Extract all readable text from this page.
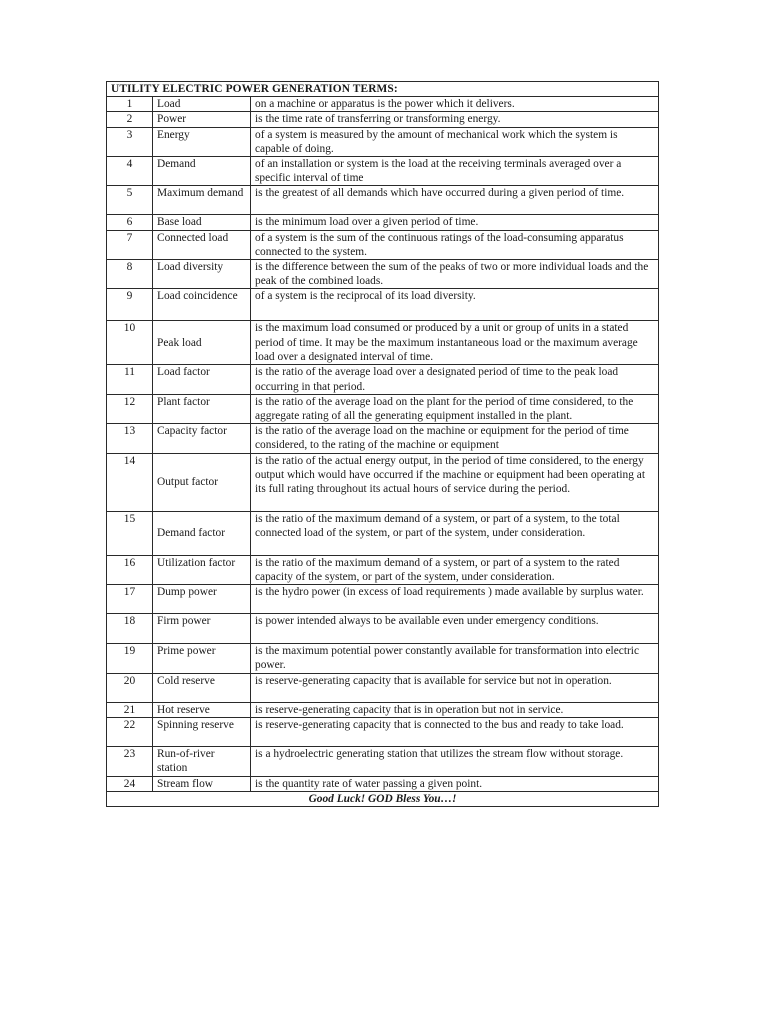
UTILITY ELECTRIC POWER GENERATION TERMS:		
1	Load	on a machine or apparatus is the power which it delivers.
2	Power	is the time rate of transferring or transforming energy.
3	Energy	of a system is measured by the amount of mechanical work which the system is capable of doing.
4	Demand	of an installation or system is the load at the receiving terminals averaged over a specific interval of time
5	Maximum demand	is the greatest of all demands which have occurred during a given period of time.
6	Base load	is the minimum load over a given period of time.
7	Connected load	of a system is the sum of the continuous ratings of the load-consuming apparatus connected to the system.
8	Load diversity	is the difference between the sum of the peaks of two or more individual loads and the peak of the combined loads.
9	Load coincidence	of a system is the reciprocal of its load diversity.
10	Peak load	is the maximum load consumed or produced by a unit or group of units in a stated period of time. It may be the maximum instantaneous load or the maximum average load over a designated interval of time.
11	Load factor	is the ratio of the average load over a designated period of time to the peak load occurring in that period.
12	Plant factor	is the ratio of the average load on the plant for the period of time considered, to the aggregate rating of all the generating equipment installed in the plant.
13	Capacity factor	is the ratio of the average load on the machine or equipment for the period of time considered, to the rating of the machine or equipment
14	Output factor	is the ratio of the actual energy output, in the period of time considered, to the energy output which would have occurred if the machine or equipment had been operating at its full rating throughout its actual hours of service during the period.
15	Demand factor	is the ratio of the maximum demand of a system, or part of a system, to the total connected load of the system, or part of the system, under consideration.
16	Utilization factor	is the ratio of the maximum demand of a system, or part of a system to the rated capacity of the system, or part of the system, under consideration.
17	Dump power	is the hydro power (in excess of load requirements ) made available by surplus water.
18	Firm power	is power intended always to be available even under emergency conditions.
19	Prime power	is the maximum potential power constantly available for transformation into electric power.
20	Cold reserve	is reserve-generating capacity that is available for service but not in operation.
21	Hot reserve	is reserve-generating capacity that is in operation but not in service.
22	Spinning reserve	is reserve-generating capacity that is connected to the bus and ready to take load.
23	Run-of-river station	is a hydroelectric generating station that utilizes the stream flow without storage.
24	Stream flow	is the quantity rate of water passing a given point.
Good Luck! GOD Bless You…!		
